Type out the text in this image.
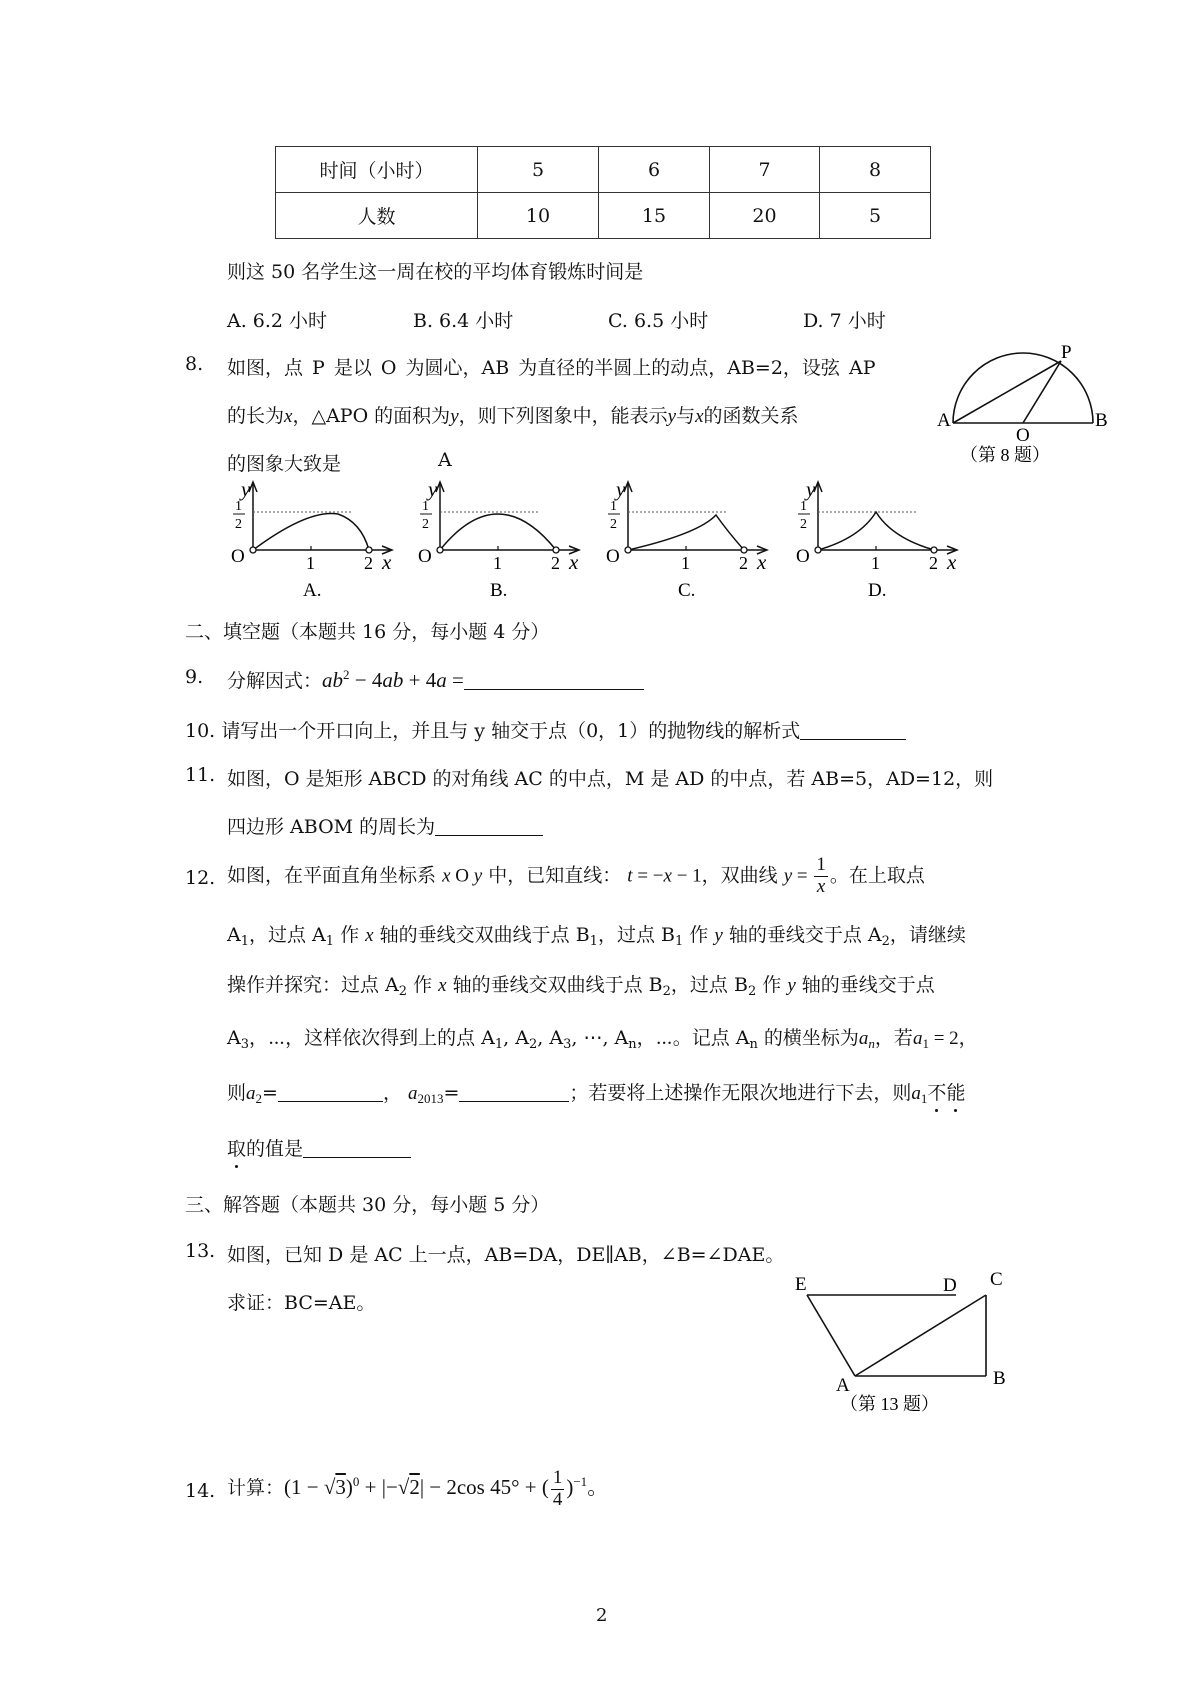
时间（小时）	5	6	7	8
人数	10	15	20	5
则这 50 名学生这一周在校的平均体育锻炼时间是
A. 6.2 小时	B. 6.4 小时	C. 6.5 小时	D. 7 小时
8. 如图，点 P 是以 O 为圆心，AB 为直径的半圆上的动点，AB=2，设弦 AP
的长为x，△APO 的面积为y，则下列图象中，能表示y与x的函数关系
的图象大致是	A
A
O
B
P
（第 8 题）
y
1
2
O	1	2 x
A.
y
1
2
O	1	2 x
B.
y
1
2
O	1	2 x
C.
y
1
2
O	1	2 x
D.
二、填空题（本题共 16 分，每小题 4 分）
9. 分解因式：$ab^2 - 4ab + 4a$ =
10. 请写出一个开口向上，并且与 y 轴交于点（0，1）的抛物线的解析式
11. 如图，O 是矩形 ABCD 的对角线 AC 的中点，M 是 AD 的中点，若 AB=5，AD=12，则
四边形 ABOM 的周长为
12. 如图，在平面直角坐标系 x O y 中，已知直线： t = −x − 1，双曲线 $y = \frac{1}{x}$ 。在上取点
$A_1$，过点 $A_1$ 作 x 轴的垂线交双曲线于点 $B_1$，过点 $B_1$ 作 y 轴的垂线交于点 $A_2$，请继续
操作并探究：过点 $A_2$ 作 x 轴的垂线交双曲线于点 $B_2$，过点 $B_2$ 作 y 轴的垂线交于点
$A_3$，⋯，这样依次得到上的点 $A_1$, $A_2$, $A_3$, ⋯, $A_n$，⋯。记点 $A_n$ 的横坐标为$a_n$，若$a_1 = 2$，
则$a_2=$	， $a_{2013}=$	；若要将上述操作无限次地进行下去，则$a_1$不能
取的值是
三、解答题（本题共 30 分，每小题 5 分）
13. 如图，已知 D 是 AC 上一点，AB=DA，DE∥AB，∠B=∠DAE。
求证：BC=AE。
E	D C
A	B
（第 13 题）
14. 计算：$(1 - √3)^0 + |-√2| - 2\cos$ 45° + ( $\frac{1}{4} )^{-1}$。
2
